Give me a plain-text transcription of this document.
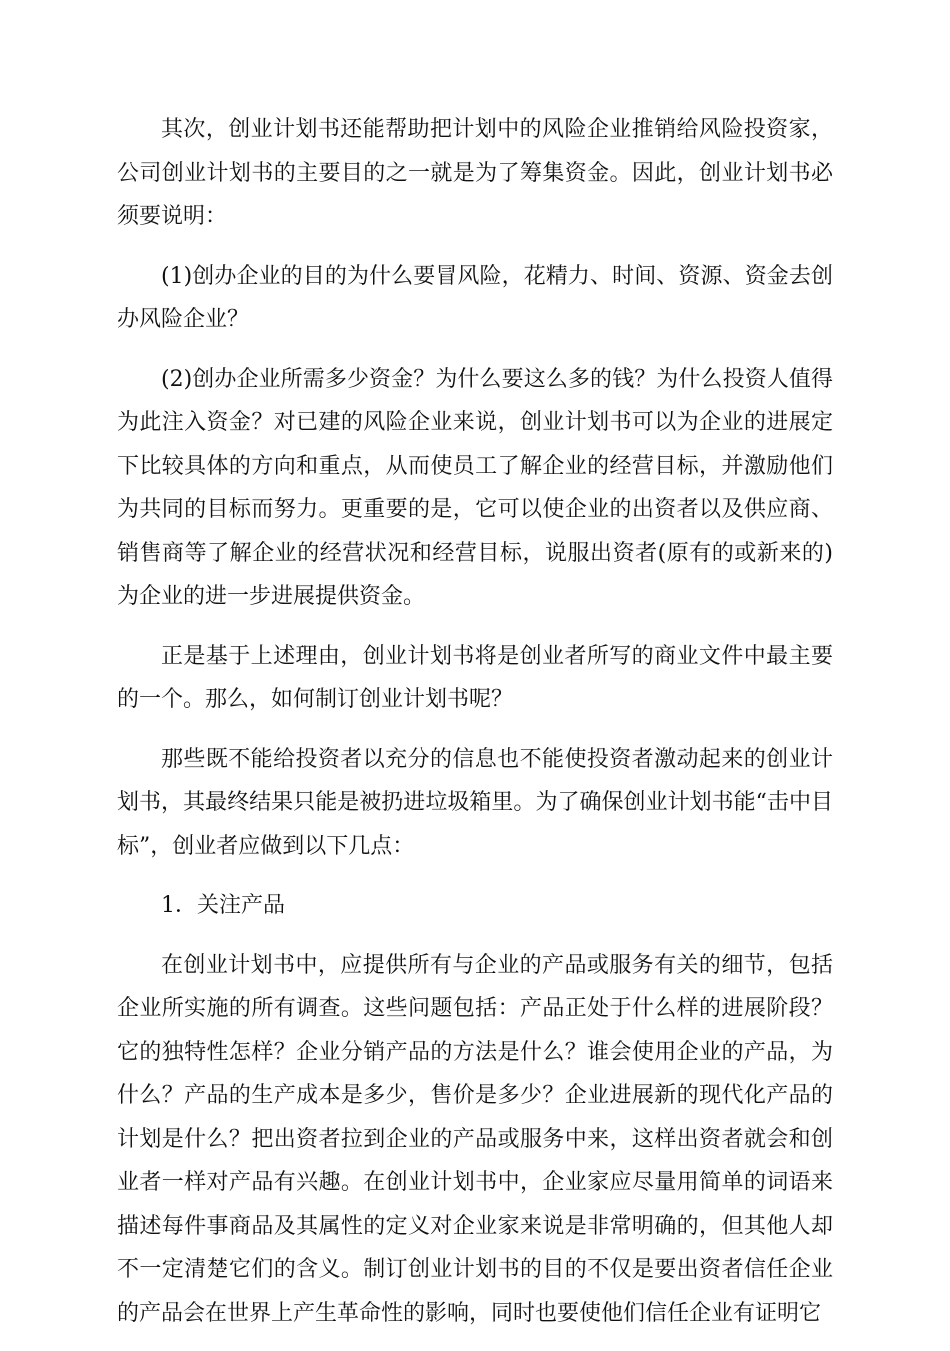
其次，创业计划书还能帮助把计划中的风险企业推销给风险投资家，公司创业计划书的主要目的之一就是为了筹集资金。因此，创业计划书必须要说明：

(1)创办企业的目的为什么要冒风险，花精力、时间、资源、资金去创办风险企业？

(2)创办企业所需多少资金？为什么要这么多的钱？为什么投资人值得为此注入资金？对已建的风险企业来说，创业计划书可以为企业的进展定下比较具体的方向和重点，从而使员工了解企业的经营目标，并激励他们为共同的目标而努力。更重要的是，它可以使企业的出资者以及供应商、销售商等了解企业的经营状况和经营目标，说服出资者(原有的或新来的)为企业的进一步进展提供资金。

正是基于上述理由，创业计划书将是创业者所写的商业文件中最主要的一个。那么，如何制订创业计划书呢？

那些既不能给投资者以充分的信息也不能使投资者激动起来的创业计划书，其最终结果只能是被扔进垃圾箱里。为了确保创业计划书能“击中目标”，创业者应做到以下几点：

1．关注产品

在创业计划书中，应提供所有与企业的产品或服务有关的细节，包括企业所实施的所有调查。这些问题包括：产品正处于什么样的进展阶段？它的独特性怎样？企业分销产品的方法是什么？谁会使用企业的产品，为什么？产品的生产成本是多少，售价是多少？企业进展新的现代化产品的计划是什么？把出资者拉到企业的产品或服务中来，这样出资者就会和创业者一样对产品有兴趣。在创业计划书中，企业家应尽量用简单的词语来描述每件事商品及其属性的定义对企业家来说是非常明确的，但其他人却不一定清楚它们的含义。制订创业计划书的目的不仅是要出资者信任企业的产品会在世界上产生革命性的影响，同时也要使他们信任企业有证明它
